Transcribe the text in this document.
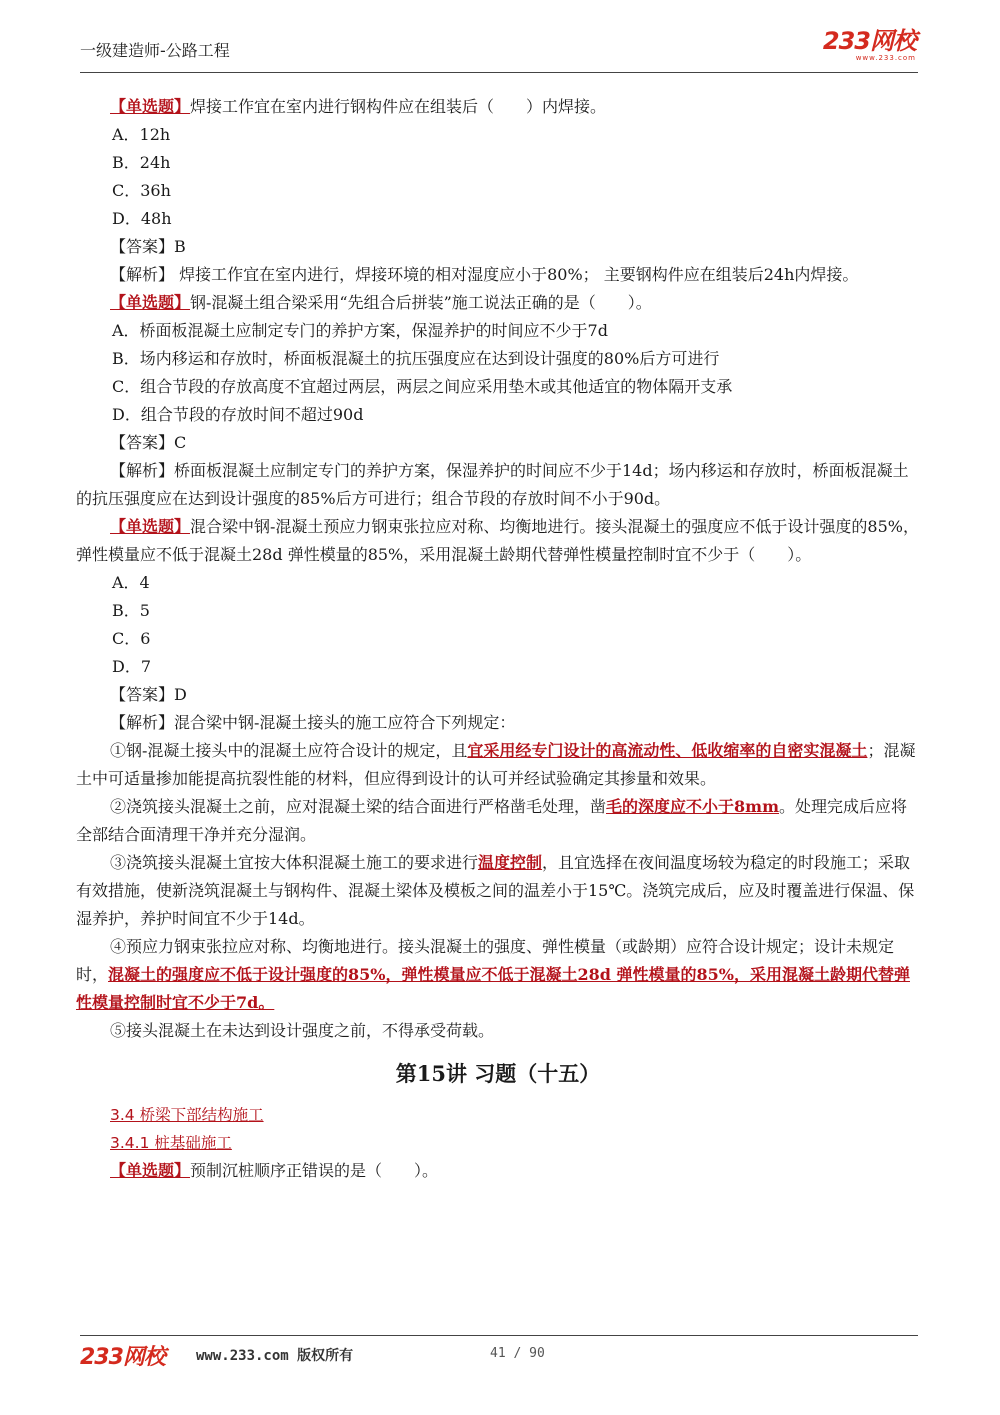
一级建造师-公路工程	233网校
www.233.com

【单选题】焊接工作宜在室内进行钢构件应在组装后（　　）内焊接。

A．12h

B．24h

C．36h

D．48h

【答案】B

【解析】 焊接工作宜在室内进行，焊接环境的相对湿度应小于80%； 主要钢构件应在组装后24h内焊接。

【单选题】钢-混凝土组合梁采用“先组合后拼装”施工说法正确的是（　　）。

A．桥面板混凝土应制定专门的养护方案，保湿养护的时间应不少于7d

B．场内移运和存放时，桥面板混凝土的抗压强度应在达到设计强度的80%后方可进行

C．组合节段的存放高度不宜超过两层，两层之间应采用垫木或其他适宜的物体隔开支承

D．组合节段的存放时间不超过90d

【答案】C

【解析】桥面板混凝土应制定专门的养护方案，保湿养护的时间应不少于14d；场内移运和存放时，桥面板混凝土的抗压强度应在达到设计强度的85%后方可进行；组合节段的存放时间不小于90d。

【单选题】混合梁中钢-混凝土预应力钢束张拉应对称、均衡地进行。接头混凝土的强度应不低于设计强度的85%，弹性模量应不低于混凝土28d 弹性模量的85%，采用混凝土龄期代替弹性模量控制时宜不少于（　　）。

A．4

B．5

C．6

D．7

【答案】D

【解析】混合梁中钢-混凝土接头的施工应符合下列规定：

①钢-混凝土接头中的混凝土应符合设计的规定，且宜采用经专门设计的高流动性、低收缩率的自密实混凝土；混凝土中可适量掺加能提高抗裂性能的材料，但应得到设计的认可并经试验确定其掺量和效果。

②浇筑接头混凝土之前，应对混凝土梁的结合面进行严格凿毛处理，凿毛的深度应不小于8mm。处理完成后应将全部结合面清理干净并充分湿润。

③浇筑接头混凝土宜按大体积混凝土施工的要求进行温度控制，且宜选择在夜间温度场较为稳定的时段施工；采取有效措施，使新浇筑混凝土与钢构件、混凝土梁体及模板之间的温差小于15℃。浇筑完成后，应及时覆盖进行保温、保湿养护，养护时间宜不少于14d。

④预应力钢束张拉应对称、均衡地进行。接头混凝土的强度、弹性模量（或龄期）应符合设计规定；设计未规定时，混凝土的强度应不低于设计强度的85%，弹性模量应不低于混凝土28d 弹性模量的85%，采用混凝土龄期代替弹性模量控制时宜不少于7d。

⑤接头混凝土在未达到设计强度之前，不得承受荷载。

第15讲 习题（十五）

3.4 桥梁下部结构施工

3.4.1 桩基础施工

【单选题】预制沉桩顺序正错误的是（　　）。

233网校 www.233.com 版权所有	41 / 90
